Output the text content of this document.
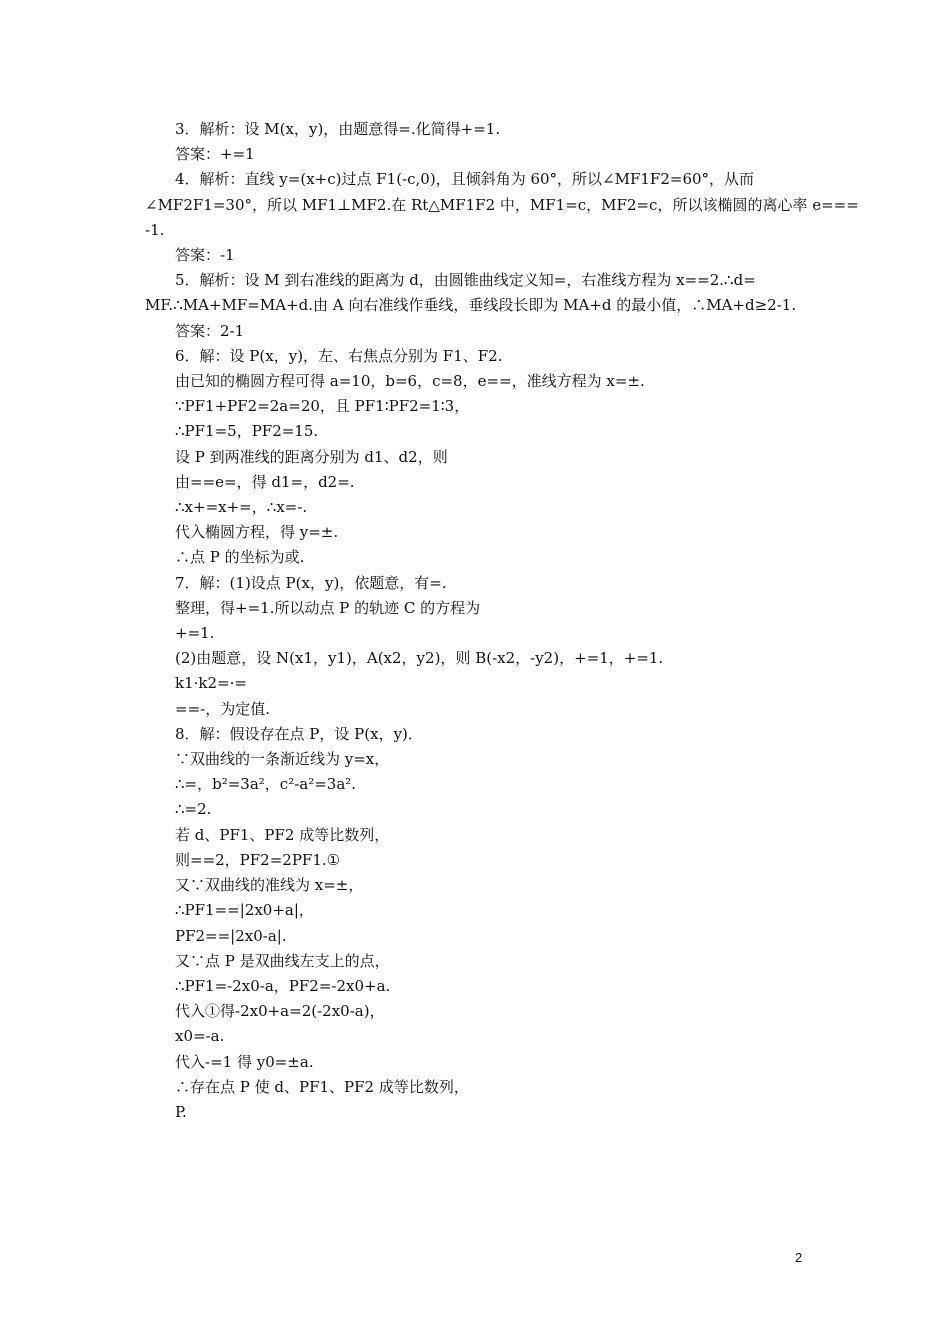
3．解析：设 M(x，y)，由题意得=.化简得+=1.
答案：+=1
4．解析：直线 y=(x+c)过点 F1(-c,0)，且倾斜角为 60°，所以∠MF1F2=60°，从而
∠MF2F1=30°，所以 MF1⊥MF2.在 Rt△MF1F2 中，MF1=c，MF2=c，所以该椭圆的离心率 e===
-1.
答案：-1
5．解析：设 M 到右准线的距离为 d，由圆锥曲线定义知=，右准线方程为 x==2.∴d=
MF.∴MA+MF=MA+d.由 A 向右准线作垂线，垂线段长即为 MA+d 的最小值，∴MA+d≥2-1.
答案：2-1
6．解：设 P(x，y)，左、右焦点分别为 F1、F2.
由已知的椭圆方程可得 a=10，b=6，c=8，e==，准线方程为 x=±.
∵PF1+PF2=2a=20，且 PF1∶PF2=1∶3，
∴PF1=5，PF2=15.
设 P 到两准线的距离分别为 d1、d2，则
由==e=，得 d1=，d2=.
∴x+=x+=，∴x=-.
代入椭圆方程，得 y=±.
∴点 P 的坐标为或.
7．解：(1)设点 P(x，y)，依题意，有=.
整理，得+=1.所以动点 P 的轨迹 C 的方程为
+=1.
(2)由题意，设 N(x1，y1)，A(x2，y2)，则 B(-x2，-y2)，+=1，+=1.
k1·k2=·=
==-，为定值.
8．解：假设存在点 P，设 P(x，y)．
∵双曲线的一条渐近线为 y=x，
∴=，b²=3a²，c²-a²=3a².
∴=2.
若 d、PF1、PF2 成等比数列，
则==2，PF2=2PF1.①
又∵双曲线的准线为 x=±，
∴PF1==|2x0+a|，
PF2==|2x0-a|.
又∵点 P 是双曲线左支上的点，
∴PF1=-2x0-a，PF2=-2x0+a.
代入①得-2x0+a=2(-2x0-a)，
x0=-a.
代入-=1 得 y0=±a.
∴存在点 P 使 d、PF1、PF2 成等比数列，
P.
2
